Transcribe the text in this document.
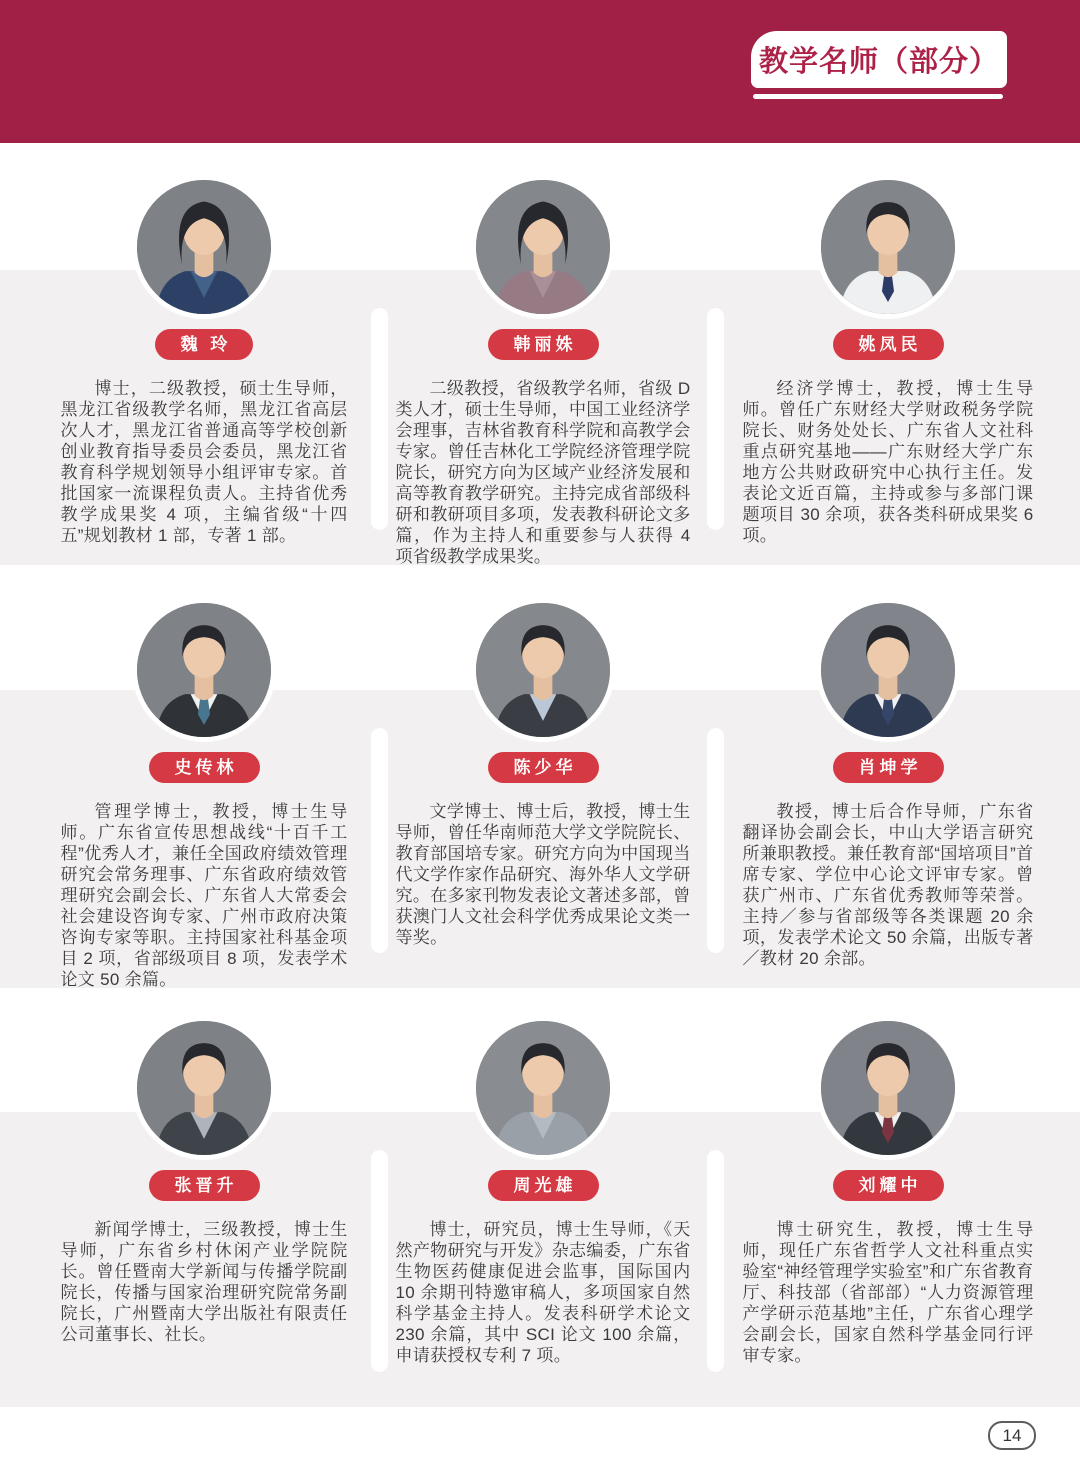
教学名师（部分）
魏 玲

博士，二级教授，硕士生导师，黑龙江省级教学名师，黑龙江省高层次人才，黑龙江省普通高等学校创新创业教育指导委员会委员，黑龙江省教育科学规划领导小组评审专家。首批国家一流课程负责人。主持省优秀教学成果奖 4 项，主编省级“十四五”规划教材 1 部，专著 1 部。

韩丽姝

二级教授，省级教学名师，省级 D 类人才，硕士生导师，中国工业经济学会理事，吉林省教育科学院和高教学会专家。曾任吉林化工学院经济管理学院院长，研究方向为区域产业经济发展和高等教育教学研究。主持完成省部级科研和教研项目多项，发表教科研论文多篇，作为主持人和重要参与人获得 4 项省级教学成果奖。

姚凤民

经济学博士，教授，博士生导师。曾任广东财经大学财政税务学院院长、财务处处长、广东省人文社科重点研究基地——广东财经大学广东地方公共财政研究中心执行主任。发表论文近百篇，主持或参与多部门课题项目 30 余项，获各类科研成果奖 6 项。

史传林

管理学博士，教授，博士生导师。广东省宣传思想战线“十百千工程”优秀人才，兼任全国政府绩效管理研究会常务理事、广东省政府绩效管理研究会副会长、广东省人大常委会社会建设咨询专家、广州市政府决策咨询专家等职。主持国家社科基金项目 2 项，省部级项目 8 项，发表学术论文 50 余篇。

陈少华

文学博士、博士后，教授，博士生导师，曾任华南师范大学文学院院长、教育部国培专家。研究方向为中国现当代文学作家作品研究、海外华人文学研究。在多家刊物发表论文著述多部，曾获澳门人文社会科学优秀成果论文类一等奖。

肖坤学

教授，博士后合作导师，广东省翻译协会副会长，中山大学语言研究所兼职教授。兼任教育部“国培项目”首席专家、学位中心论文评审专家。曾获广州市、广东省优秀教师等荣誉。主持／参与省部级等各类课题 20 余项，发表学术论文 50 余篇，出版专著／教材 20 余部。

张晋升

新闻学博士，三级教授，博士生导师，广东省乡村休闲产业学院院长。曾任暨南大学新闻与传播学院副院长，传播与国家治理研究院常务副院长，广州暨南大学出版社有限责任公司董事长、社长。

周光雄

博士，研究员，博士生导师，《天然产物研究与开发》杂志编委，广东省生物医药健康促进会监事，国际国内 10 余期刊特邀审稿人，多项国家自然科学基金主持人。发表科研学术论文 230 余篇，其中 SCI 论文 100 余篇，申请获授权专利 7 项。

刘耀中

博士研究生，教授，博士生导师，现任广东省哲学人文社科重点实验室“神经管理学实验室”和广东省教育厅、科技部（省部部）“人力资源管理产学研示范基地”主任，广东省心理学会副会长，国家自然科学基金同行评审专家。

14
